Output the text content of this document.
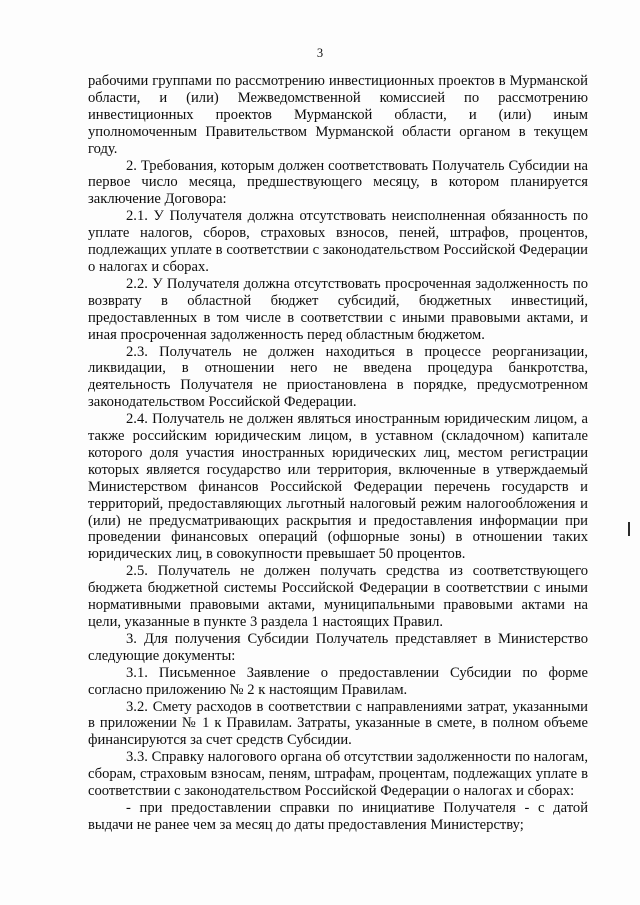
3

рабочими группами по рассмотрению инвестиционных проектов в Мурманской области, и (или) Межведомственной комиссией по рассмотрению инвестиционных проектов Мурманской области, и (или) иным уполномоченным Правительством Мурманской области органом в текущем году.

2. Требования, которым должен соответствовать Получатель Субсидии на первое число месяца, предшествующего месяцу, в котором планируется заключение Договора:

2.1. У Получателя должна отсутствовать неисполненная обязанность по уплате налогов, сборов, страховых взносов, пеней, штрафов, процентов, подлежащих уплате в соответствии с законодательством Российской Федерации о налогах и сборах.

2.2. У Получателя должна отсутствовать просроченная задолженность по возврату в областной бюджет субсидий, бюджетных инвестиций, предоставленных в том числе в соответствии с иными правовыми актами, и иная просроченная задолженность перед областным бюджетом.

2.3. Получатель не должен находиться в процессе реорганизации, ликвидации, в отношении него не введена процедура банкротства, деятельность Получателя не приостановлена в порядке, предусмотренном законодательством Российской Федерации.

2.4. Получатель не должен являться иностранным юридическим лицом, а также российским юридическим лицом, в уставном (складочном) капитале которого доля участия иностранных юридических лиц, местом регистрации которых является государство или территория, включенные в утверждаемый Министерством финансов Российской Федерации перечень государств и территорий, предоставляющих льготный налоговый режим налогообложения и (или) не предусматривающих раскрытия и предоставления информации при проведении финансовых операций (офшорные зоны) в отношении таких юридических лиц, в совокупности превышает 50 процентов.

2.5. Получатель не должен получать средства из соответствующего бюджета бюджетной системы Российской Федерации в соответствии с иными нормативными правовыми актами, муниципальными правовыми актами на цели, указанные в пункте 3 раздела 1 настоящих Правил.

3. Для получения Субсидии Получатель представляет в Министерство следующие документы:

3.1. Письменное Заявление о предоставлении Субсидии по форме согласно приложению № 2 к настоящим Правилам.

3.2. Смету расходов в соответствии с направлениями затрат, указанными в приложении № 1 к Правилам. Затраты, указанные в смете, в полном объеме финансируются за счет средств Субсидии.

3.3. Справку налогового органа об отсутствии задолженности по налогам, сборам, страховым взносам, пеням, штрафам, процентам, подлежащих уплате в соответствии с законодательством Российской Федерации о налогах и сборах:

- при предоставлении справки по инициативе Получателя - с датой выдачи не ранее чем за месяц до даты предоставления Министерству;
